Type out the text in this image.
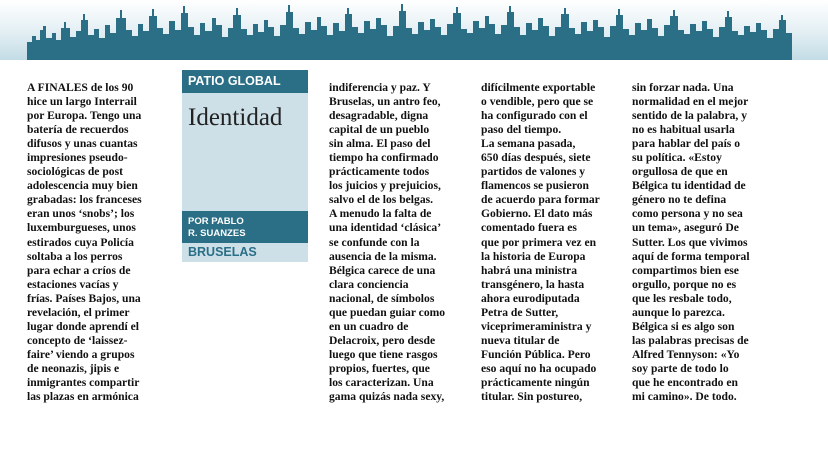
A FINALES de los 90
hice un largo Interrail
por Europa. Tengo una
batería de recuerdos
difusos y unas cuantas
impresiones pseudo-
sociológicas de post
adolescencia muy bien
grabadas: los franceses
eran unos ‘snobs’; los
luxemburgueses, unos
estirados cuya Policía
soltaba a los perros
para echar a críos de
estaciones vacías y
frías. Países Bajos, una
revelación, el primer
lugar donde aprendí el
concepto de ‘laissez-
faire’ viendo a grupos
de neonazis, jipis e
inmigrantes compartir
las plazas en armónica
PATIO GLOBAL
Identidad
POR PABLO
R. SUANZES
BRUSELAS
indiferencia y paz. Y
Bruselas, un antro feo,
desagradable, digna
capital de un pueblo
sin alma. El paso del
tiempo ha confirmado
prácticamente todos
los juicios y prejuicios,
salvo el de los belgas.
A menudo la falta de
una identidad ‘clásica’
se confunde con la
ausencia de la misma.
Bélgica carece de una
clara conciencia
nacional, de símbolos
que puedan guiar como
en un cuadro de
Delacroix, pero desde
luego que tiene rasgos
propios, fuertes, que
los caracterizan. Una
gama quizás nada sexy,
difícilmente exportable
o vendible, pero que se
ha configurado con el
paso del tiempo.
La semana pasada,
650 días después, siete
partidos de valones y
flamencos se pusieron
de acuerdo para formar
Gobierno. El dato más
comentado fuera es
que por primera vez en
la historia de Europa
habrá una ministra
transgénero, la hasta
ahora eurodiputada
Petra de Sutter,
viceprimeraministra y
nueva titular de
Función Pública. Pero
eso aquí no ha ocupado
prácticamente ningún
titular. Sin postureo,
sin forzar nada. Una
normalidad en el mejor
sentido de la palabra, y
no es habitual usarla
para hablar del país o
su política. «Estoy
orgullosa de que en
Bélgica tu identidad de
género no te defina
como persona y no sea
un tema», aseguró De
Sutter. Los que vivimos
aquí de forma temporal
compartimos bien ese
orgullo, porque no es
que les resbale todo,
aunque lo parezca.
Bélgica si es algo son
las palabras precisas de
Alfred Tennyson: «Yo
soy parte de todo lo
que he encontrado en
mi camino». De todo.
